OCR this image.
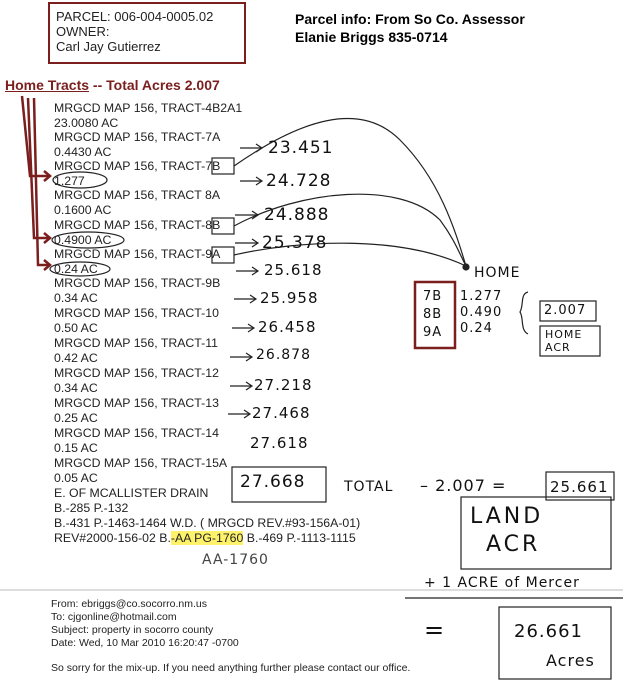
PARCEL: 006-004-0005.02
OWNER:
Carl Jay Gutierrez
Parcel info: From So Co. Assessor
Elanie Briggs 835-0714
Home Tracts -- Total Acres 2.007
MRGCD MAP 156, TRACT-4B2A1
23.0080 AC
MRGCD MAP 156, TRACT-7A
0.4430 AC
MRGCD MAP 156, TRACT-7B
1.277
MRGCD MAP 156, TRACT 8A
0.1600 AC
MRGCD MAP 156, TRACT-8B
0.4900 AC
MRGCD MAP 156, TRACT-9A
0.24 AC
MRGCD MAP 156, TRACT-9B
0.34 AC
MRGCD MAP 156, TRACT-10
0.50 AC
MRGCD MAP 156, TRACT-11
0.42 AC
MRGCD MAP 156, TRACT-12
0.34 AC
MRGCD MAP 156, TRACT-13
0.25 AC
MRGCD MAP 156, TRACT-14
0.15 AC
MRGCD MAP 156, TRACT-15A
0.05 AC
E. OF MCALLISTER DRAIN
B.-285 P.-132
B.-431 P.-1463-1464 W.D. ( MRGCD REV.#93-156A-01)
REV#2000-156-02 B.-AA PG-1760 B.-469 P.-1113-1115
23.451
24.728
24.888
25.378
25.618
25.958
26.458
26.878
27.218
27.468
27.618
27.668
HOME
7B
8B
9A
1.277
0.490
0.24
2.007
HOME ACR
TOTAL – 2.007 =	25.661
LAND
ACR
AA-1760
+ 1 ACRE of Mercer
=	26.661
Acres
From: ebriggs@co.socorro.nm.us
To: cjgonline@hotmail.com
Subject: property in socorro county
Date: Wed, 10 Mar 2010 16:20:47 -0700
So sorry for the mix-up. If you need anything further please contact our office.
